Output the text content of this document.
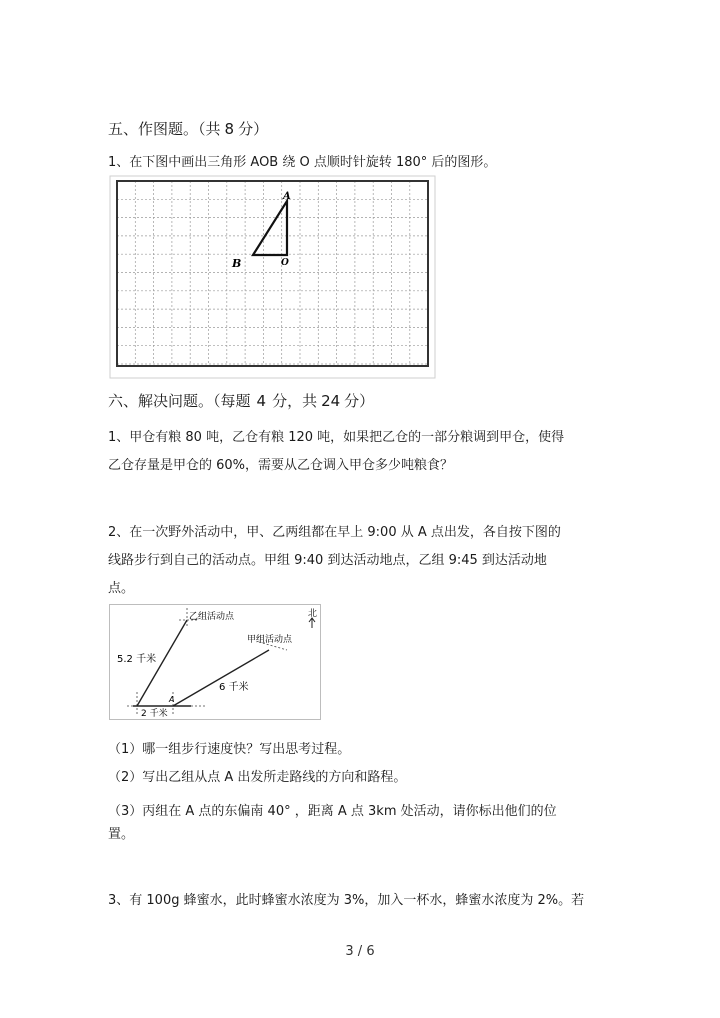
五、作图题。（共 8 分）
1、在下图中画出三角形 AOB 绕 O 点顺时针旋转 180° 后的图形。
A
B	O
六、解决问题。（每题 4 分，共 24 分）
1、甲仓有粮 80 吨，乙仓有粮 120 吨，如果把乙仓的一部分粮调到甲仓，使得
乙仓存量是甲仓的 60%，需要从乙仓调入甲仓多少吨粮食？
2、在一次野外活动中，甲、乙两组都在早上 9:00 从 A 点出发，各自按下图的
线路步行到自己的活动点。甲组 9:40 到达活动地点，乙组 9:45 到达活动地
点。
乙组活动点
甲组活动点
5.2 千米
6 千米
2 千米
A
北
（1）哪一组步行速度快？写出思考过程。
（2）写出乙组从点 A 出发所走路线的方向和路程。
（3）丙组在 A 点的东偏南 40° ，距离 A 点 3km 处活动，请你标出他们的位
置。
3、有 100g 蜂蜜水，此时蜂蜜水浓度为 3%，加入一杯水，蜂蜜水浓度为 2%。若
3 / 6
